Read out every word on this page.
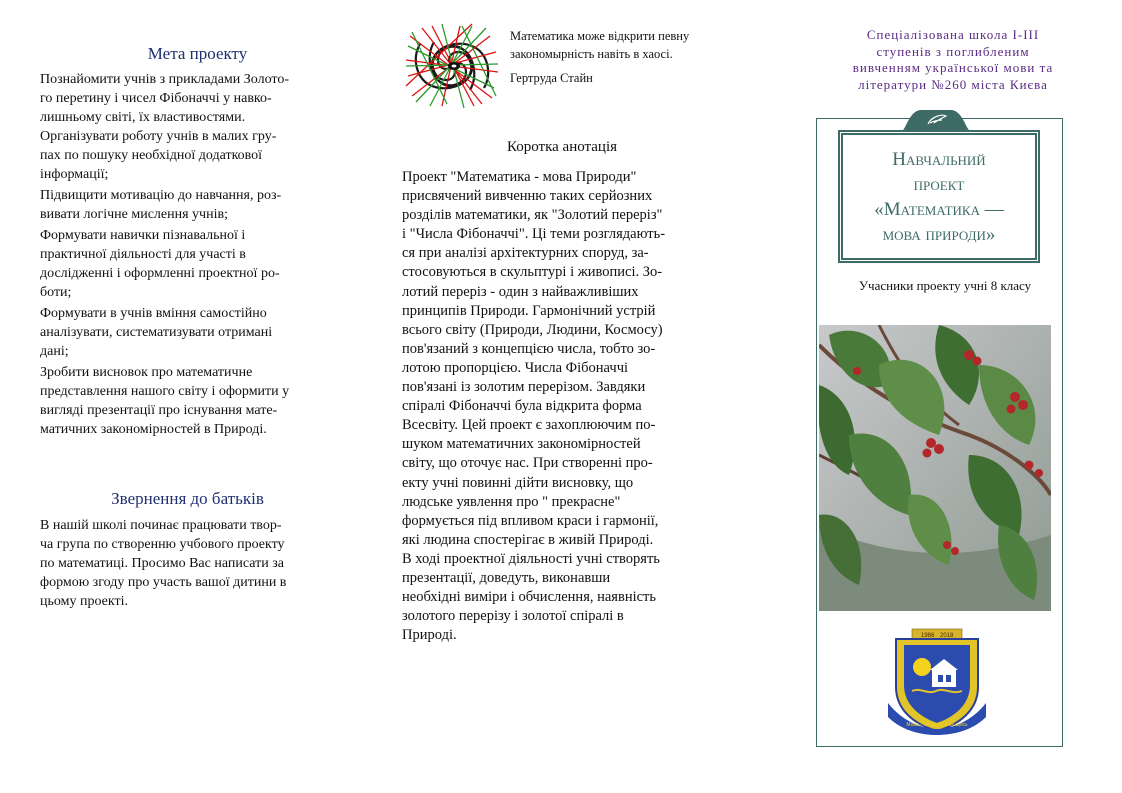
Мета проекту
Познайомити учнів з прикладами Золото-
го перетину і чисел Фібоначчі у навко-
лишньому світі, їх властивостями.
Організувати роботу учнів в малих гру-
пах по пошуку необхідної додаткової
інформації;
Підвищити мотивацію до навчання, роз-
вивати логічне мислення учнів;
Формувати навички пізнавальної і
практичної діяльності для участі в
дослідженні і оформленні проектної ро-
боти;
Формувати в учнів вміння самостійно
аналізувати, систематизувати отримані
дані;
Зробити висновок про математичне
представлення нашого світу і оформити у
вигляді презентації про існування мате-
матичних закономірностей в Природі.
Звернення до батьків
В нашій школі починає працювати твор-
ча група по створенню учбового проекту
по математиці. Просимо Вас написати за
формою згоду про участь вашої дитини в
цьому проекті.
Математика може відкрити певну
закономырність навіть в хаосі.
Гертруда Стайн
Коротка анотація
Проект "Математика - мова Природи"
присвячений вивченню таких серйозних
розділів математики, як "Золотий переріз"
і "Числа Фібоначчі". Ці теми розглядають-
ся при аналізі архітектурних споруд, за-
стосовуються в скульптурі і живописі. Зо-
лотий переріз - один з найважливіших
принципів Природи. Гармонічний устрій
всього світу (Природи, Людини, Космосу)
пов'язаний з концепцією числа, тобто зо-
лотою пропорцією. Числа Фібоначчі
пов'язані із золотим перерізом. Завдяки
спіралі Фібоначчі була відкрита форма
Всесвіту. Цей проект є захоплюючим по-
шуком математичних закономірностей
світу, що оточує нас. При створенні про-
екту учні повинні дійти висновку, що
людське уявлення про " прекрасне"
формується під впливом краси і гармонії,
які людина спостерігає в живій Природі.
В ході проектної діяльності учні створять
презентації, доведуть, виконавши
необхідні виміри і обчислення, наявність
золотого перерізу і золотої спіралі в
Природі.
Спеціалізована школа І-ІІІ
ступенів з поглибленим
вивченням української мови та
літератури №260 міста Києва
Навчальний
проект
«Математика —
мова природи»
Учасники проекту учні 8 класу
1986 2018
Мова - не засіб, а це щось
